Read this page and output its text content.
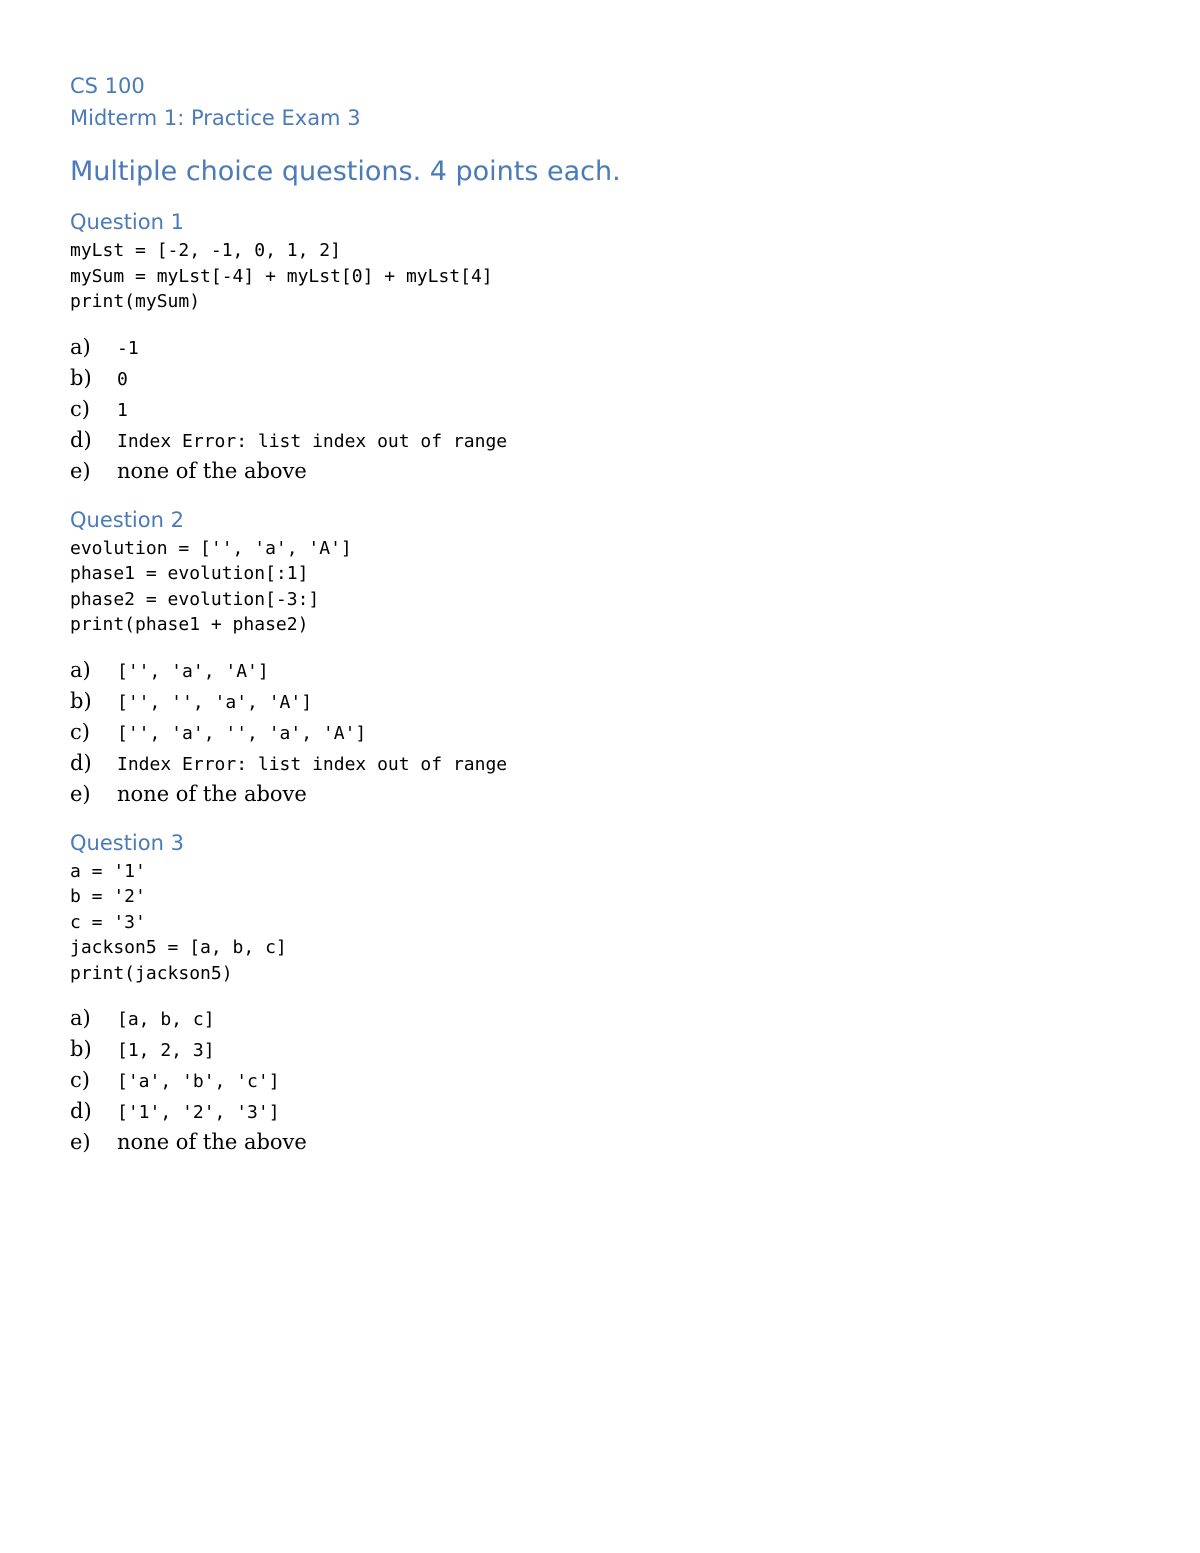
CS 100
Midterm 1: Practice Exam 3
Multiple choice questions. 4 points each.
Question 1
myLst = [-2, -1, 0, 1, 2]
mySum = myLst[-4] + myLst[0] + myLst[4]
print(mySum)
a)	-1
b)	0
c)	1
d)	Index Error: list index out of range
e)	none of the above
Question 2
evolution = ['', 'a', 'A']
phase1 = evolution[:1]
phase2 = evolution[-3:]
print(phase1 + phase2)
a)	['', 'a', 'A']
b)	['', '', 'a', 'A']
c)	['', 'a', '', 'a', 'A']
d)	Index Error: list index out of range
e)	none of the above
Question 3
a = '1'
b = '2'
c = '3'
jackson5 = [a, b, c]
print(jackson5)
a)	[a, b, c]
b)	[1, 2, 3]
c)	['a', 'b', 'c']
d)	['1', '2', '3']
e)	none of the above
